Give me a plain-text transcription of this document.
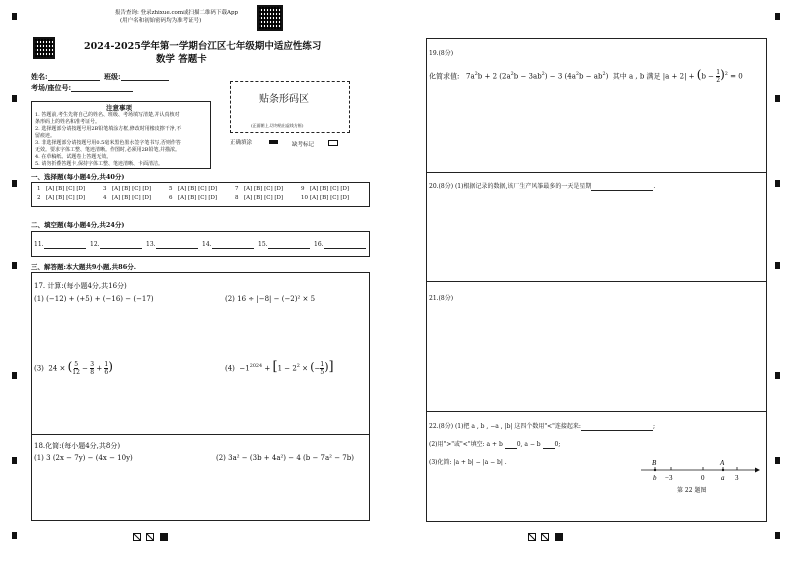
报告查询: 登录zhixue.com或扫描二维码下载App
(用户名和初始密码均为准考证号)
2024-2025学年第一学期台江区七年级期中适应性练习
数学 答题卡
姓名:	班级:
考场/座位号:
贴条形码区
(正面朝上,切勿贴出虚线方框)
正确填涂	缺考标记
注意事项
1. 答题前,考生先将自己的姓名、班级、考场填写清楚,并认真核对
条形码上的姓名和准考证号。
2. 选择题部分请按题号用2B铅笔填涂方框,修改时用橡皮擦干净,不
留痕迹。
3. 非选择题部分请按题号用0.5毫米黑色墨水签字笔书写,否则作答
无效。要求字体工整、笔迹清晰。作图时,必须用2B铅笔,并描浓。
4. 在草稿纸、试题卷上答题无效。
5. 请勿折叠答题卡,保持字体工整、笔迹清晰、卡面清洁。
一、选择题(每小题4分,共40分)
1 [A] [B] [C] [D]	3 [A] [B] [C] [D]	5 [A] [B] [C] [D]	7 [A] [B] [C] [D]	9 [A] [B] [C] [D]
2 [A] [B] [C] [D]	4 [A] [B] [C] [D]	6 [A] [B] [C] [D]	8 [A] [B] [C] [D]	10 [A] [B] [C] [D]
二、填空题(每小题4分,共24分)
11.	12.	13.	14.	15.	16.
三、解答题:本大题共9小题,共86分.
17. 计算:(每小题4分,共16分)
(1) (−12) + (+5) + (−16) − (−17)	(2) 16 ÷ |−8| − (−2)² × 5
(3)  24 × ( $\frac{5}{12} - \frac{3}{8} + \frac{1}{6}$ )	$(4) -1^{2024} + [1 - 2^2$ × (− $\frac{1}{5}$ )]
18.化简:(每小题4分,共8分)
(1) 3 (2x − 7y) − (4x − 10y)	(2) 3a² − (3b + 4a²) − 4 (b − 7a² − 7b)
19.(8分)
化简求值:   $7a^2b + 2$ $(2a^2b - 3ab^2) - 3$ $(4a^2b - ab^2)$  其中 a , b 满足 $|a + 2| + (b - \frac{1}{2} )^2 = 0$
20.(8分) (1)根据记录的数据,该厂生产风筝最多的一天是星期	.
21.(8分)
22.(8分) (1)把 a , b , −a , |b| 这四个数用"<"连接起来:	;
(2)用">"或"<"填空: a + b 0, a − b 0;
(3)化简: |a + b| − |a − b| .	B	A
b −3	0 a 3
第 22 题图
